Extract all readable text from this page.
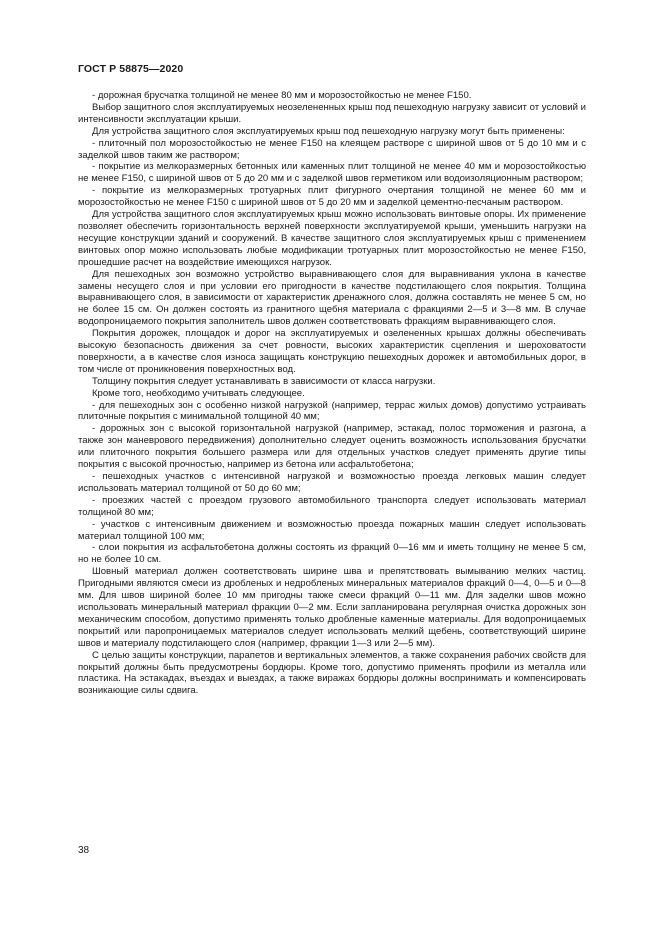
ГОСТ Р 58875—2020

- дорожная брусчатка толщиной не менее 80 мм и морозостойкостью не менее F150.

Выбор защитного слоя эксплуатируемых неозелененных крыш под пешеходную нагрузку зависит от условий и интенсивности эксплуатации крыши.

Для устройства защитного слоя эксплуатируемых крыш под пешеходную нагрузку могут быть применены:

- плиточный пол морозостойкостью не менее F150 на клеящем растворе с шириной швов от 5 до 10 мм и с заделкой швов таким же раствором;

- покрытие из мелкоразмерных бетонных или каменных плит толщиной не менее 40 мм и морозостойкостью не менее F150, с шириной швов от 5 до 20 мм и с заделкой швов герметиком или водоизоляционным раствором;

- покрытие из мелкоразмерных тротуарных плит фигурного очертания толщиной не менее 60 мм и морозостойкостью не менее F150 с шириной швов от 5 до 20 мм и заделкой цементно-песчаным раствором.

Для устройства защитного слоя эксплуатируемых крыш можно использовать винтовые опоры. Их применение позволяет обеспечить горизонтальность верхней поверхности эксплуатируемой крыши, уменьшить нагрузки на несущие конструкции зданий и сооружений. В качестве защитного слоя эксплуатируемых крыш с применением винтовых опор можно использовать любые модификации тротуарных плит морозостойкостью не менее F150, прошедшие расчет на воздействие имеющихся нагрузок.

Для пешеходных зон возможно устройство выравнивающего слоя для выравнивания уклона в качестве замены несущего слоя и при условии его пригодности в качестве подстилающего слоя покрытия. Толщина выравнивающего слоя, в зависимости от характеристик дренажного слоя, должна составлять не менее 5 см, но не более 15 см. Он должен состоять из гранитного щебня материала с фракциями 2—5 и 3—8 мм. В случае водопроницаемого покрытия заполнитель швов должен соответствовать фракциям выравнивающего слоя.

Покрытия дорожек, площадок и дорог на эксплуатируемых и озелененных крышах должны обеспечивать высокую безопасность движения за счет ровности, высоких характеристик сцепления и шероховатости поверхности, а в качестве слоя износа защищать конструкцию пешеходных дорожек и автомобильных дорог, в том числе от проникновения поверхностных вод.

Толщину покрытия следует устанавливать в зависимости от класса нагрузки.

Кроме того, необходимо учитывать следующее.

- для пешеходных зон с особенно низкой нагрузкой (например, террас жилых домов) допустимо устраивать плиточные покрытия с минимальной толщиной 40 мм;

- дорожных зон с высокой горизонтальной нагрузкой (например, эстакад, полос торможения и разгона, а также зон маневрового передвижения) дополнительно следует оценить возможность использования брусчатки или плиточного покрытия большего размера или для отдельных участков следует применять другие типы покрытия с высокой прочностью, например из бетона или асфальтобетона;

- пешеходных участков с интенсивной нагрузкой и возможностью проезда легковых машин следует использовать материал толщиной от 50 до 60 мм;

- проезжих частей с проездом грузового автомобильного транспорта следует использовать материал толщиной 80 мм;

- участков с интенсивным движением и возможностью проезда пожарных машин следует использовать материал толщиной 100 мм;

- слои покрытия из асфальтобетона должны состоять из фракций 0—16 мм и иметь толщину не менее 5 см, но не более 10 см.

Шовный материал должен соответствовать ширине шва и препятствовать вымыванию мелких частиц. Пригодными являются смеси из дробленых и недробленых минеральных материалов фракций 0—4, 0—5 и 0—8 мм. Для швов шириной более 10 мм пригодны также смеси фракций 0—11 мм. Для заделки швов можно использовать минеральный материал фракции 0—2 мм. Если запланирована регулярная очистка дорожных зон механическим способом, допустимо применять только дробленые каменные материалы. Для водопроницаемых покрытий или паропроницаемых материалов следует использовать мелкий щебень, соответствующий ширине швов и материалу подстилающего слоя (например, фракции 1—3 или 2—5 мм).

С целью защиты конструкции, парапетов и вертикальных элементов, а также сохранения рабочих свойств для покрытий должны быть предусмотрены бордюры. Кроме того, допустимо применять профили из металла или пластика. На эстакадах, въездах и выездах, а также виражах бордюры должны воспринимать и компенсировать возникающие силы сдвига.

38
